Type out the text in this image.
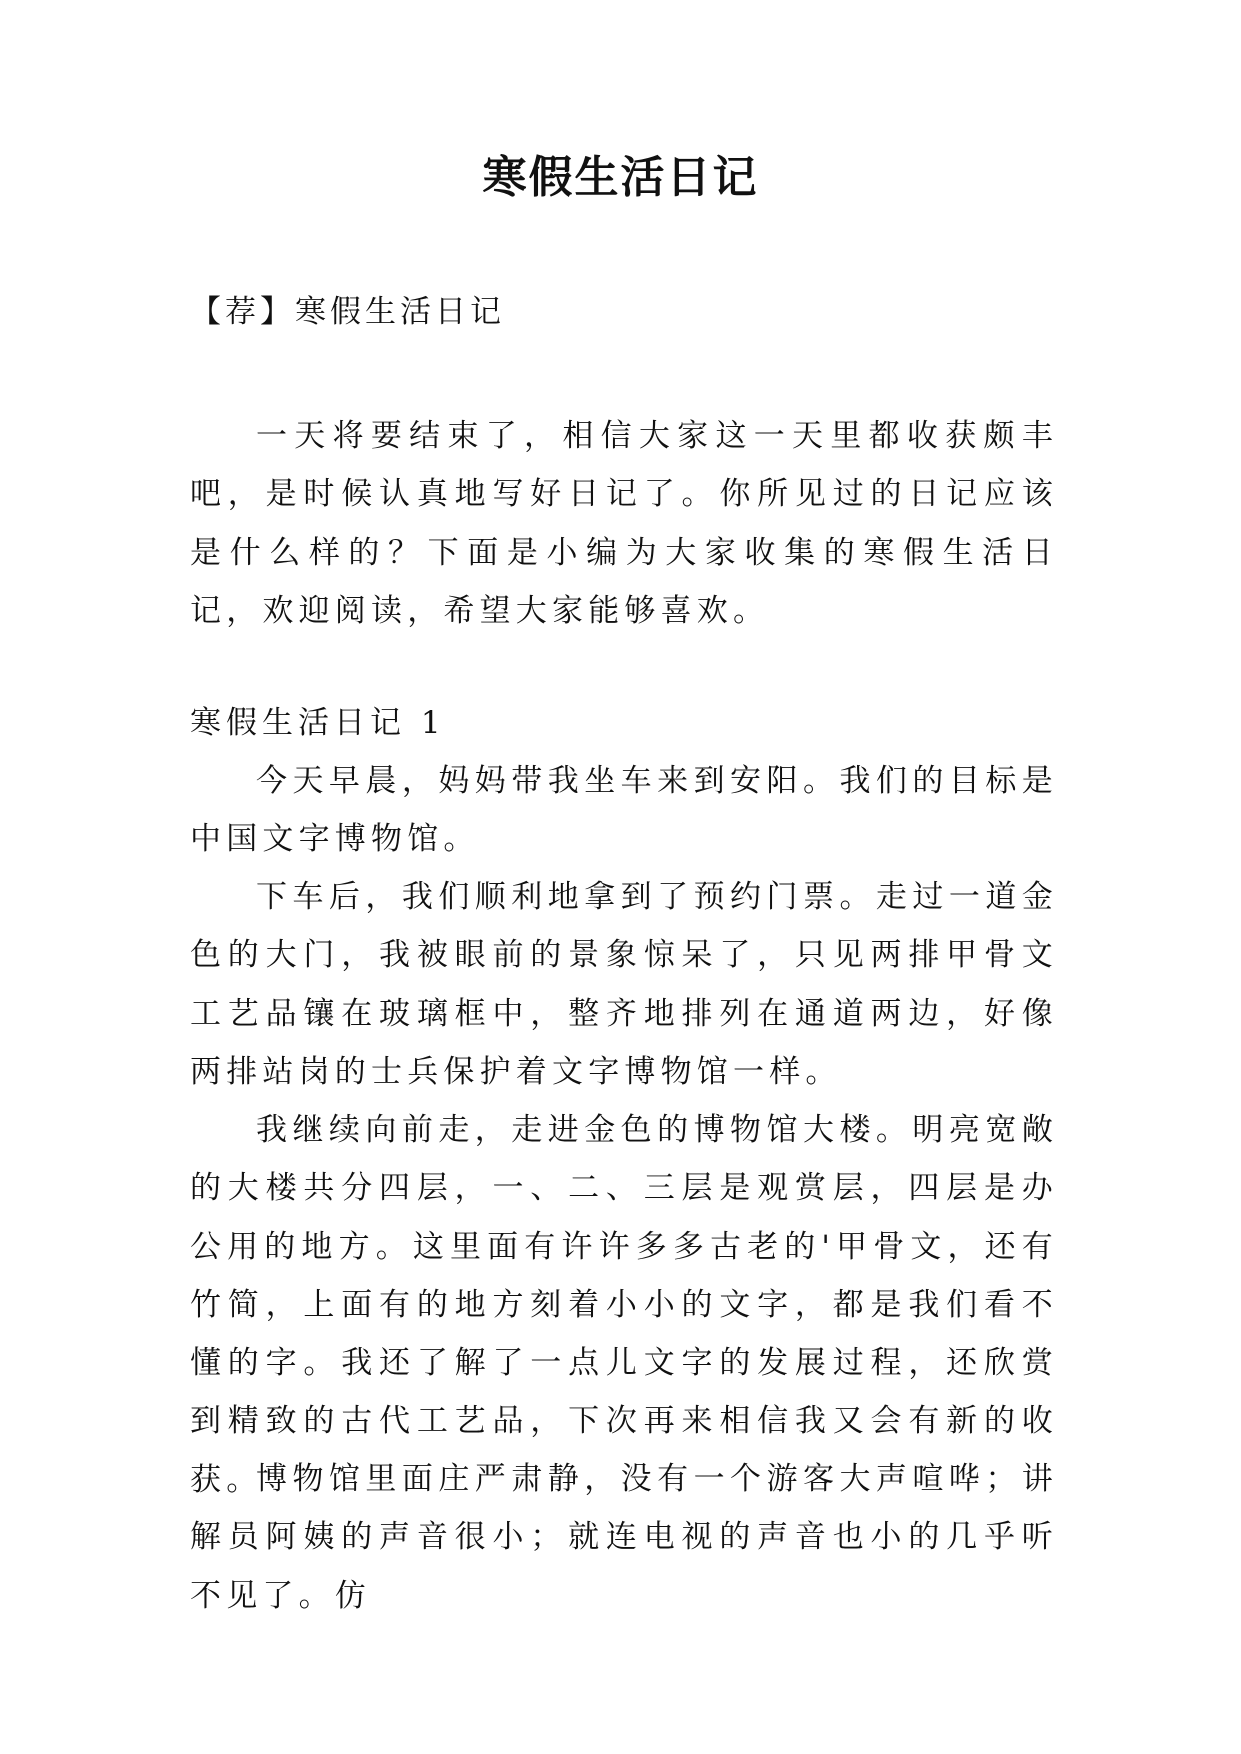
寒假生活日记
【荐】寒假生活日记

一天将要结束了，相信大家这一天里都收获颇丰吧，是时候认真地写好日记了。你所见过的日记应该是什么样的？下面是小编为大家收集的寒假生活日记，欢迎阅读，希望大家能够喜欢。

寒假生活日记 1

今天早晨，妈妈带我坐车来到安阳。我们的目标是中国文字博物馆。

下车后，我们顺利地拿到了预约门票。走过一道金色的大门，我被眼前的景象惊呆了，只见两排甲骨文工艺品镶在玻璃框中，整齐地排列在通道两边，好像两排站岗的士兵保护着文字博物馆一样。

我继续向前走，走进金色的博物馆大楼。明亮宽敞的大楼共分四层，一、二、三层是观赏层，四层是办公用的地方。这里面有许许多多古老的'甲骨文，还有竹简，上面有的地方刻着小小的文字，都是我们看不懂的字。我还了解了一点儿文字的发展过程，还欣赏到精致的古代工艺品，下次再来相信我又会有新的收获。

博物馆里面庄严肃静，没有一个游客大声喧哗；讲解员阿姨的声音很小；就连电视的声音也小的几乎听不见了。仿
